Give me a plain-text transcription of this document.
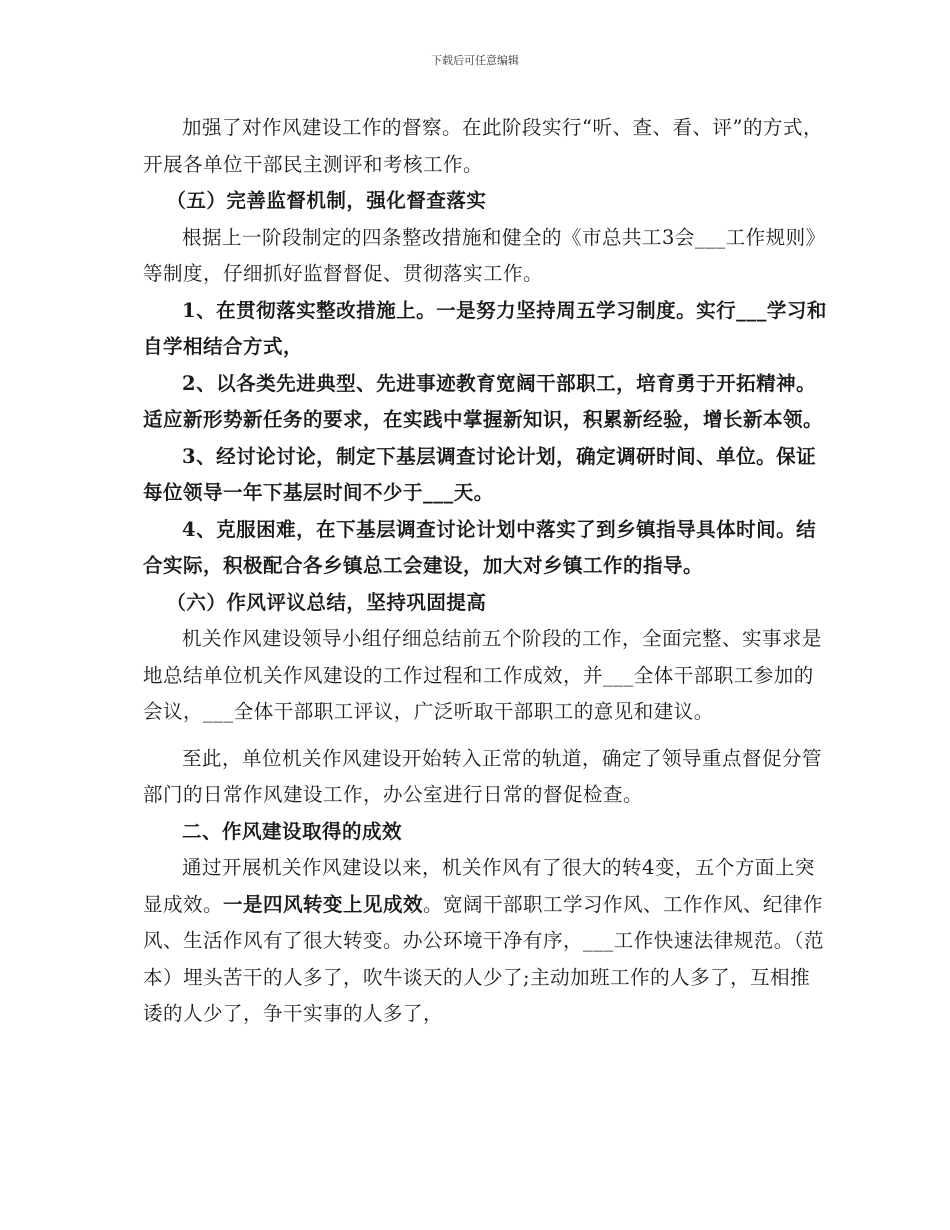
下载后可任意编辑

加强了对作风建设工作的督察。在此阶段实行“听、查、看、评”的方式，开展各单位干部民主测评和考核工作。

（五）完善监督机制，强化督查落实

根据上一阶段制定的四条整改措施和健全的《市总共工3会___工作规则》等制度，仔细抓好监督督促、贯彻落实工作。

1、在贯彻落实整改措施上。一是努力坚持周五学习制度。实行___学习和自学相结合方式，

2、以各类先进典型、先进事迹教育宽阔干部职工，培育勇于开拓精神。适应新形势新任务的要求，在实践中掌握新知识，积累新经验，增长新本领。

3、经讨论讨论，制定下基层调查讨论计划，确定调研时间、单位。保证每位领导一年下基层时间不少于___天。

4、克服困难，在下基层调查讨论计划中落实了到乡镇指导具体时间。结合实际，积极配合各乡镇总工会建设，加大对乡镇工作的指导。

（六）作风评议总结，坚持巩固提高

机关作风建设领导小组仔细总结前五个阶段的工作，全面完整、实事求是地总结单位机关作风建设的工作过程和工作成效，并___全体干部职工参加的会议，___全体干部职工评议，广泛听取干部职工的意见和建议。

至此，单位机关作风建设开始转入正常的轨道，确定了领导重点督促分管部门的日常作风建设工作，办公室进行日常的督促检查。

二、作风建设取得的成效

通过开展机关作风建设以来，机关作风有了很大的转4变，五个方面上突显成效。一是四风转变上见成效。宽阔干部职工学习作风、工作作风、纪律作风、生活作风有了很大转变。办公环境干净有序，___工作快速法律规范。（范本）埋头苦干的人多了，吹牛谈天的人少了;主动加班工作的人多了，互相推诿的人少了，争干实事的人多了，
